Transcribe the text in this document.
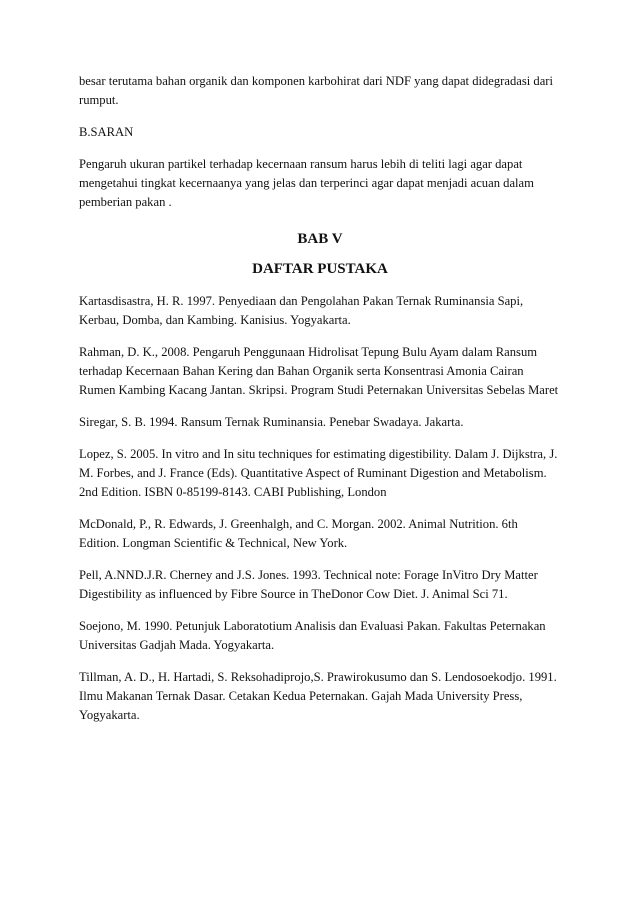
besar terutama bahan organik dan komponen karbohirat dari NDF yang dapat didegradasi dari rumput.

B.SARAN

Pengaruh ukuran partikel terhadap kecernaan ransum harus lebih di teliti lagi agar dapat mengetahui tingkat kecernaanya yang jelas dan terperinci agar dapat menjadi acuan dalam pemberian pakan .

BAB V
DAFTAR PUSTAKA

Kartasdisastra, H. R. 1997. Penyediaan dan Pengolahan Pakan Ternak Ruminansia Sapi, Kerbau, Domba, dan Kambing. Kanisius. Yogyakarta.

Rahman, D. K., 2008. Pengaruh Penggunaan Hidrolisat Tepung Bulu Ayam dalam Ransum terhadap Kecernaan Bahan Kering dan Bahan Organik serta Konsentrasi Amonia Cairan Rumen Kambing Kacang Jantan. Skripsi. Program Studi Peternakan Universitas Sebelas Maret

Siregar, S. B. 1994. Ransum Ternak Ruminansia. Penebar Swadaya. Jakarta.

Lopez, S. 2005. In vitro and In situ techniques for estimating digestibility. Dalam J. Dijkstra, J. M. Forbes, and J. France (Eds). Quantitative Aspect of Ruminant Digestion and Metabolism. 2nd Edition. ISBN 0-85199-8143. CABI Publishing, London

McDonald, P., R. Edwards, J. Greenhalgh, and C. Morgan. 2002. Animal Nutrition. 6th Edition. Longman Scientific & Technical, New York.

Pell, A.NND.J.R. Cherney and J.S. Jones. 1993. Technical note: Forage InVitro Dry Matter Digestibility as influenced by Fibre Source in TheDonor Cow Diet. J. Animal Sci 71.

Soejono, M. 1990. Petunjuk Laboratotium Analisis dan Evaluasi Pakan. Fakultas Peternakan Universitas Gadjah Mada. Yogyakarta.

Tillman, A. D., H. Hartadi, S. Reksohadiprojo,S. Prawirokusumo dan S. Lendosoekodjo. 1991. Ilmu Makanan Ternak Dasar. Cetakan Kedua Peternakan. Gajah Mada University Press, Yogyakarta.
